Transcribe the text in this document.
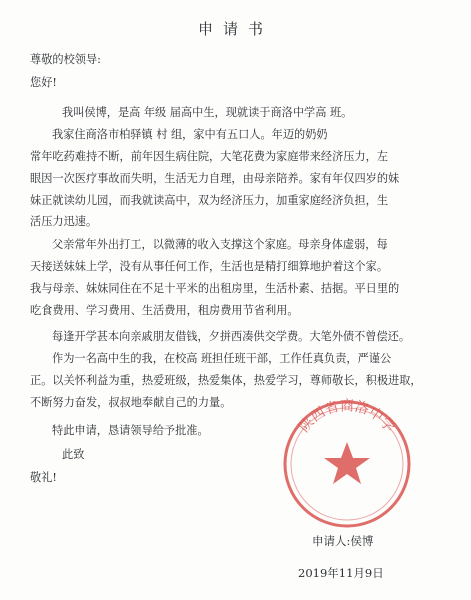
申请书
尊敬的校领导:
您好!
我叫侯博，是高 年级 届高中生，现就读于商洛中学高 班。
我家住商洛市柏驿镇 村 组，家中有五口人。年迈的奶奶
常年吃药难持不断，前年因生病住院，大笔花费为家庭带来经济压力，左
眼因一次医疗事故而失明，生活无力自理，由母亲陪养。家有年仅四岁的妹
妹正就读幼儿园，而我就读高中，双为经济压力，加重家庭经济负担，生
活压力迅速。
父亲常年外出打工，以微薄的收入支撑这个家庭。母亲身体虚弱，每
天接送妹妹上学，没有从事任何工作，生活也是精打细算地护着这个家。
我与母亲、妹妹同住在不足十平米的出租房里，生活朴素、拮据。平日里的
吃食费用、学习费用、生活费用，租房费用节省利用。
每逢开学甚本向亲戚朋友借钱，夕拼西凑供交学费。大笔外债不曾偿还。
作为一名高中生的我，在校高 班担任班干部，工作任真负责，严谨公
正。以关怀利益为重，热爱班级，热爱集体，热爱学习，尊师敬长，积极进取，
不断努力奋发，叔叔地奉献自己的力量。
特此申请，恳请领导给予批准。
此致
敬礼!
陕西省商洛中学
申请人:侯博
2019年11月9日
